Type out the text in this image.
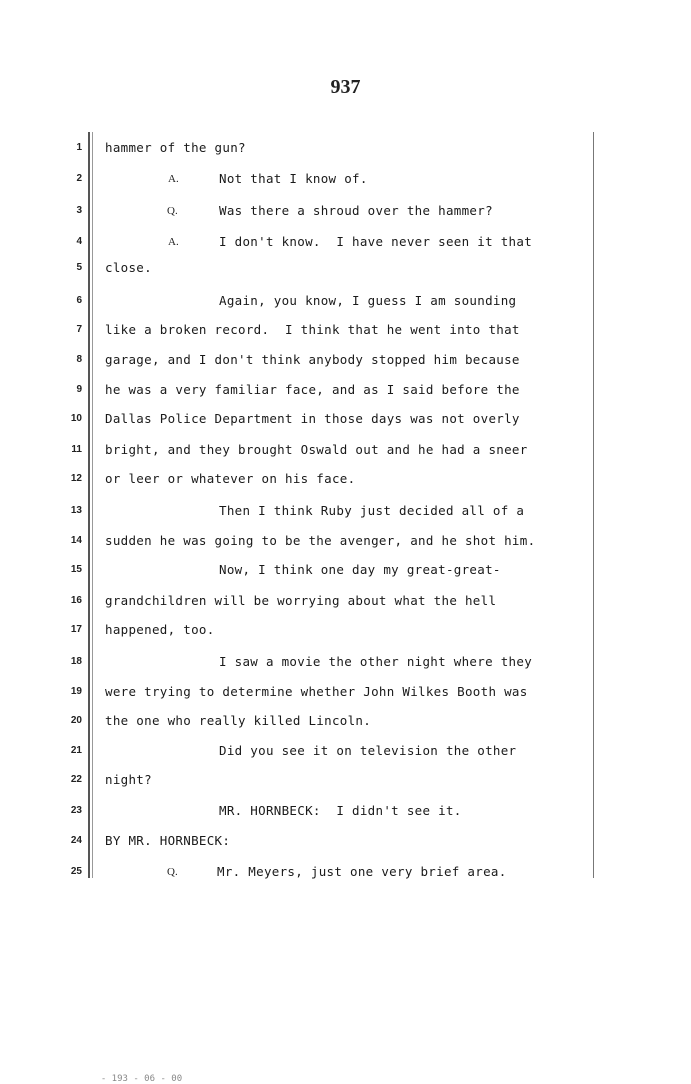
937
1 hammer of the gun?
2	A.	Not that I know of.
3	Q.	Was there a shroud over the hammer?
4	A.	I don't know.  I have never seen it that
5 close.
6	Again, you know, I guess I am sounding
7 like a broken record.  I think that he went into that
8 garage, and I don't think anybody stopped him because
9 he was a very familiar face, and as I said before the
10 Dallas Police Department in those days was not overly
11 bright, and they brought Oswald out and he had a sneer
12 or leer or whatever on his face.
13	Then I think Ruby just decided all of a
14 sudden he was going to be the avenger, and he shot him.
15	Now, I think one day my great-great-
16 grandchildren will be worrying about what the hell
17 happened, too.
18	I saw a movie the other night where they
19 were trying to determine whether John Wilkes Booth was
20 the one who really killed Lincoln.
21	Did you see it on television the other
22 night?
23	MR. HORNBECK:  I didn't see it.
24 BY MR. HORNBECK:
25	Q.	Mr. Meyers, just one very brief area.
- 193 - 06 - 00
